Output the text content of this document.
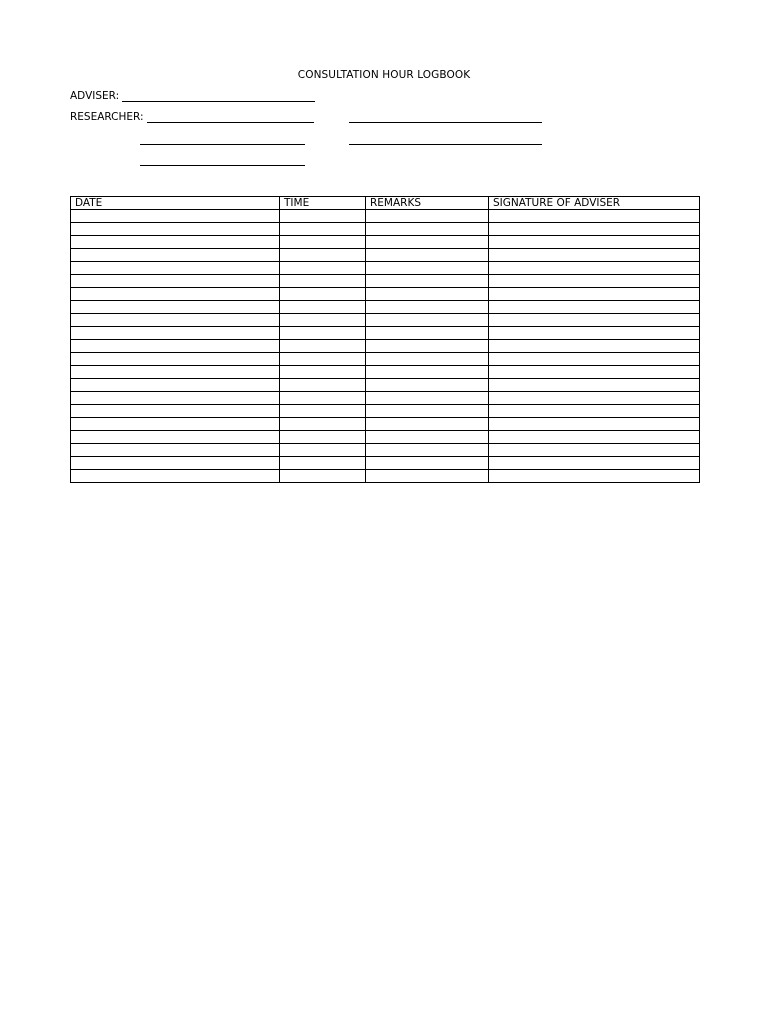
CONSULTATION HOUR LOGBOOK
ADVISER:
RESEARCHER:
DATE	TIME	REMARKS	SIGNATURE OF ADVISER
